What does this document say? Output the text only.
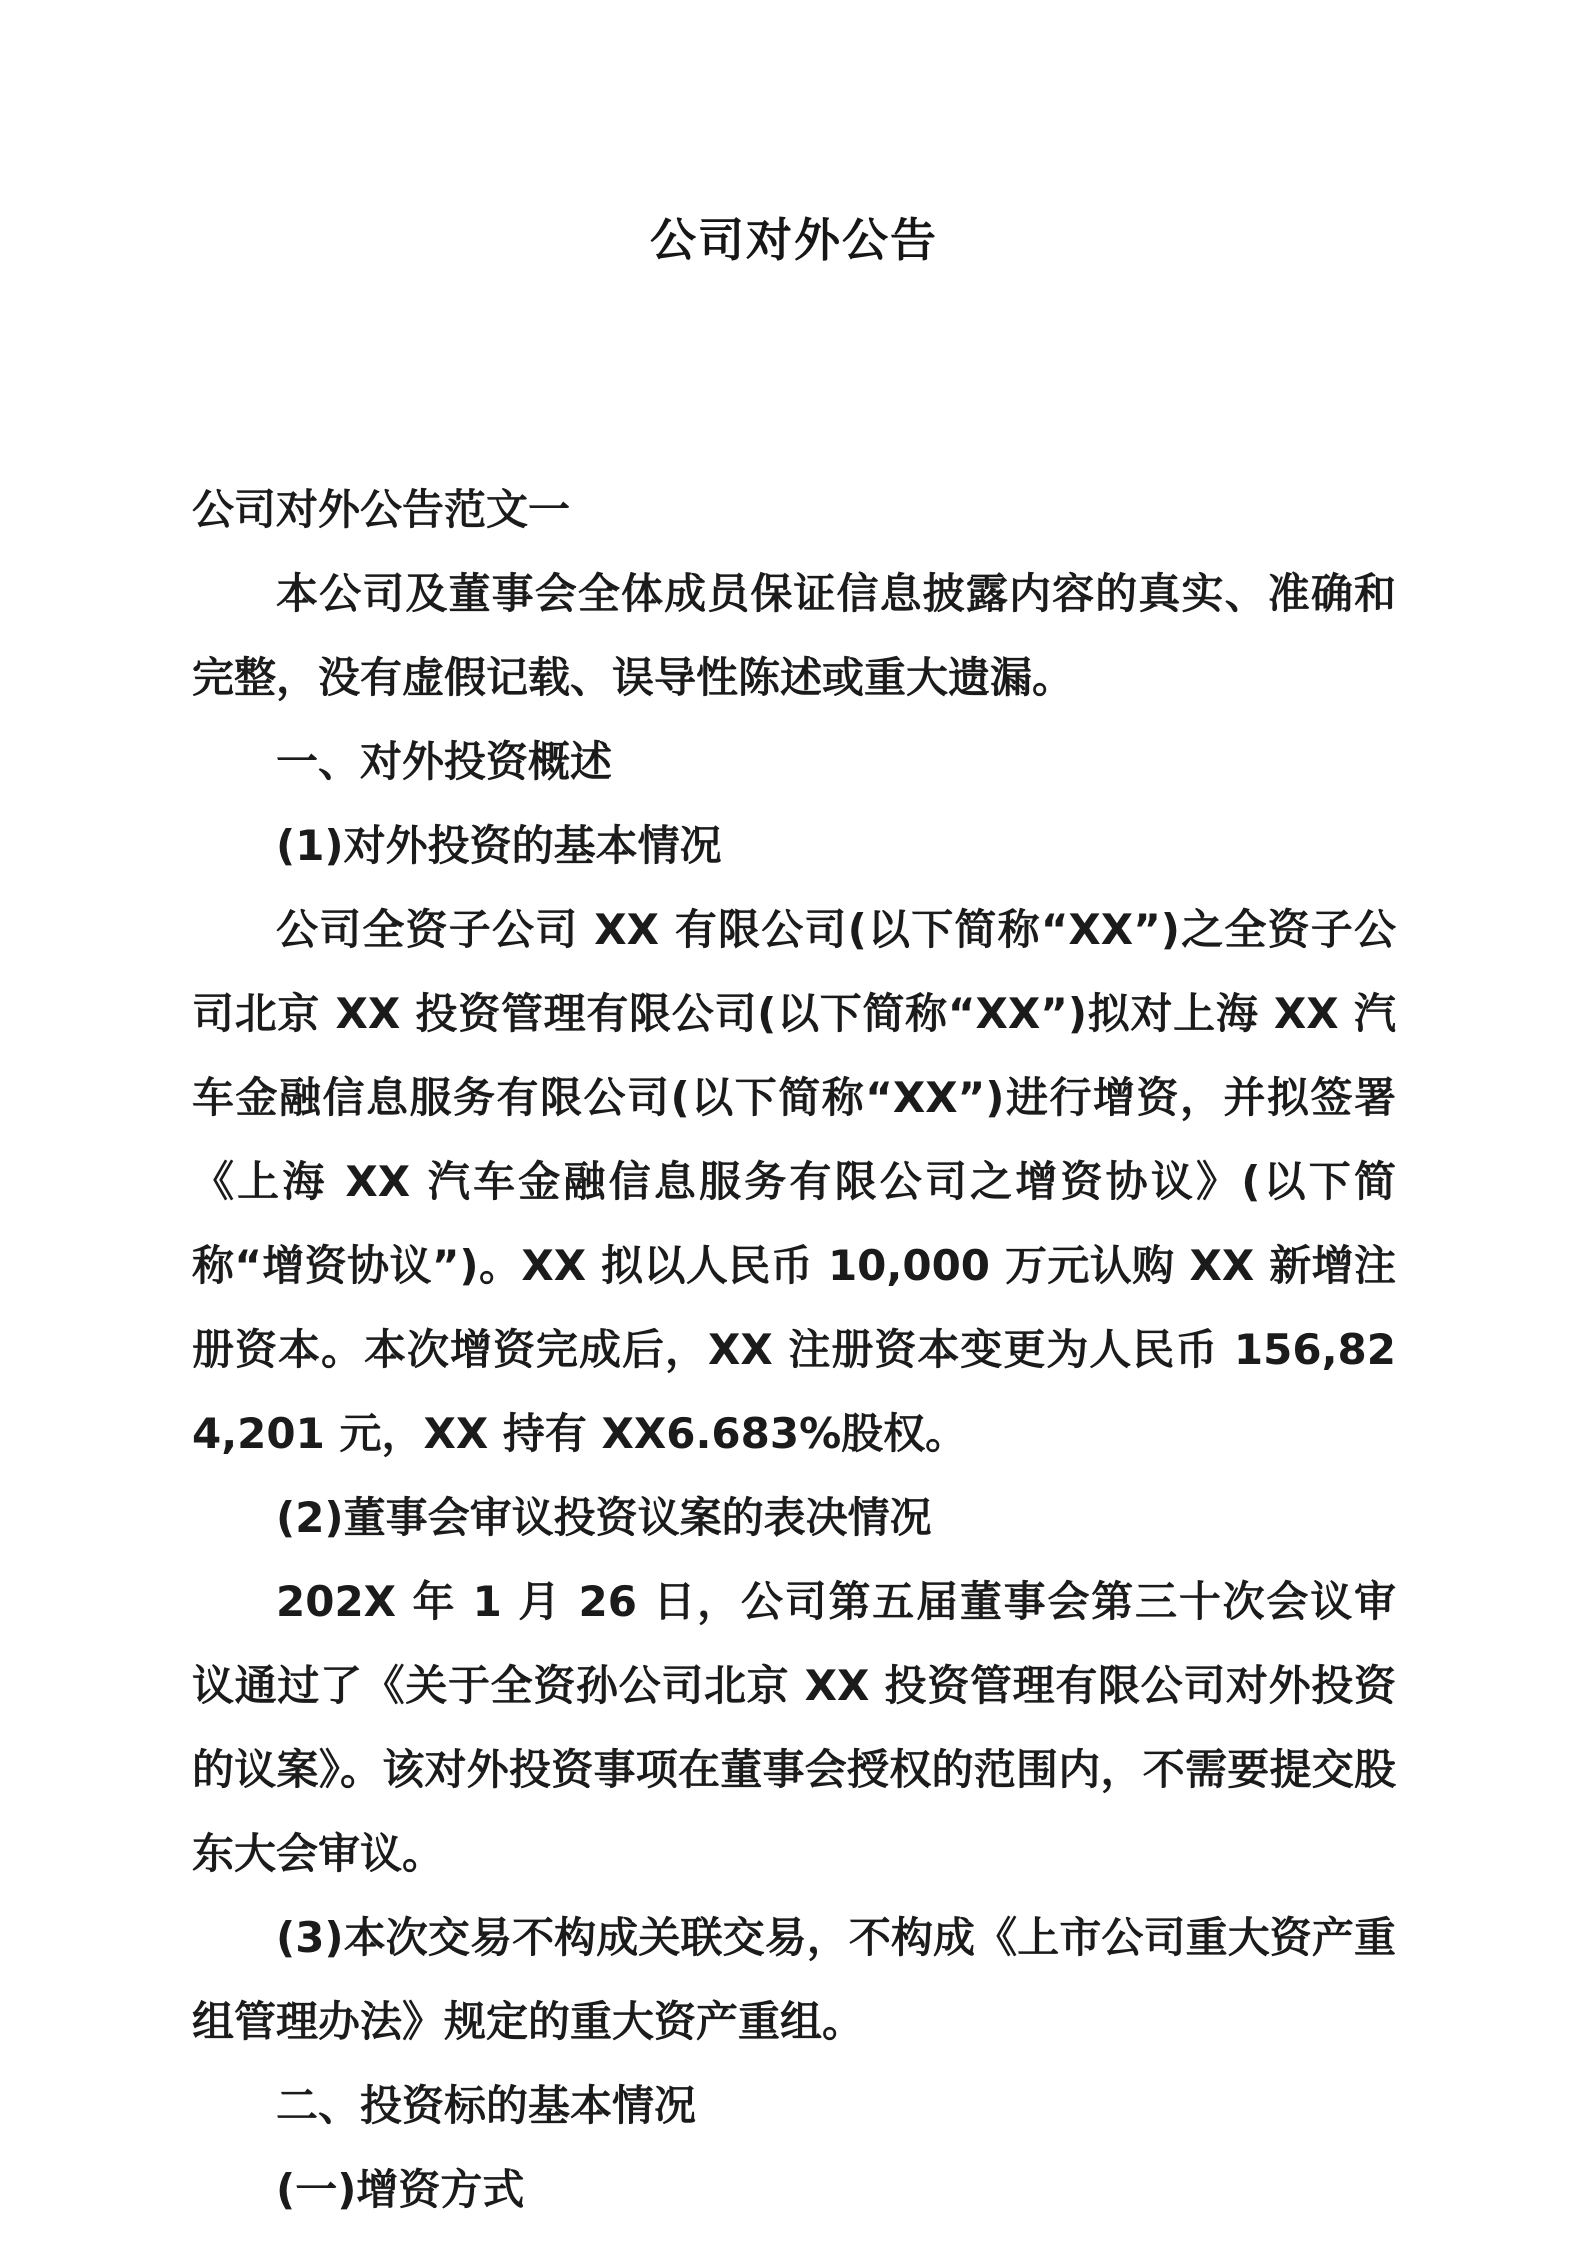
公司对外公告

公司对外公告范文一

本公司及董事会全体成员保证信息披露内容的真实、准确和完整，没有虚假记载、误导性陈述或重大遗漏。

一、对外投资概述

(1)对外投资的基本情况

公司全资子公司 XX 有限公司(以下简称“XX”)之全资子公司北京 XX 投资管理有限公司(以下简称“XX”)拟对上海 XX 汽车金融信息服务有限公司(以下简称“XX”)进行增资，并拟签署《上海 XX 汽车金融信息服务有限公司之增资协议》(以下简称“增资协议”)。XX 拟以人民币 10,000 万元认购 XX 新增注册资本。本次增资完成后，XX 注册资本变更为人民币 156,824,201 元，XX 持有 XX6.683%股权。

(2)董事会审议投资议案的表决情况

202X 年 1 月 26 日，公司第五届董事会第三十次会议审议通过了《关于全资孙公司北京 XX 投资管理有限公司对外投资的议案》。该对外投资事项在董事会授权的范围内，不需要提交股东大会审议。

(3)本次交易不构成关联交易，不构成《上市公司重大资产重组管理办法》规定的重大资产重组。

二、投资标的基本情况

(一)增资方式
